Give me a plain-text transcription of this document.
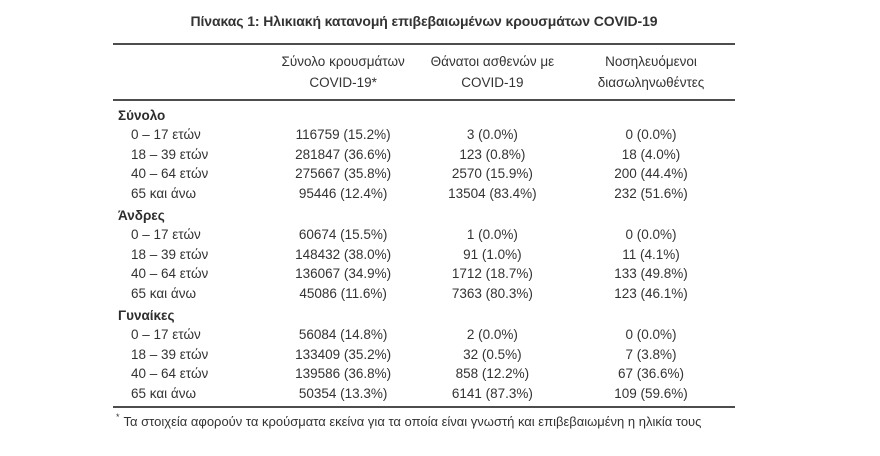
Πίνακας 1: Ηλικιακή κατανομή επιβεβαιωμένων κρουσμάτων COVID-19
Σύνολο κρουσμάτων
COVID-19*
Θάνατοι ασθενών με
COVID-19
Νοσηλευόμενοι
διασωληνωθέντες
Σύνολο
0 – 17 ετών	116759 (15.2%)	3 (0.0%)	0 (0.0%)
18 – 39 ετών	281847 (36.6%)	123 (0.8%)	18 (4.0%)
40 – 64 ετών	275667 (35.8%)	2570 (15.9%)	200 (44.4%)
65 και άνω	95446 (12.4%)	13504 (83.4%)	232 (51.6%)
Άνδρες
0 – 17 ετών	60674 (15.5%)	1 (0.0%)	0 (0.0%)
18 – 39 ετών	148432 (38.0%)	91 (1.0%)	11 (4.1%)
40 – 64 ετών	136067 (34.9%)	1712 (18.7%)	133 (49.8%)
65 και άνω	45086 (11.6%)	7363 (80.3%)	123 (46.1%)
Γυναίκες
0 – 17 ετών	56084 (14.8%)	2 (0.0%)	0 (0.0%)
18 – 39 ετών	133409 (35.2%)	32 (0.5%)	7 (3.8%)
40 – 64 ετών	139586 (36.8%)	858 (12.2%)	67 (36.6%)
65 και άνω	50354 (13.3%)	6141 (87.3%)	109 (59.6%)
* Τα στοιχεία αφορούν τα κρούσματα εκείνα για τα οποία είναι γνωστή και επιβεβαιωμένη η ηλικία τους
